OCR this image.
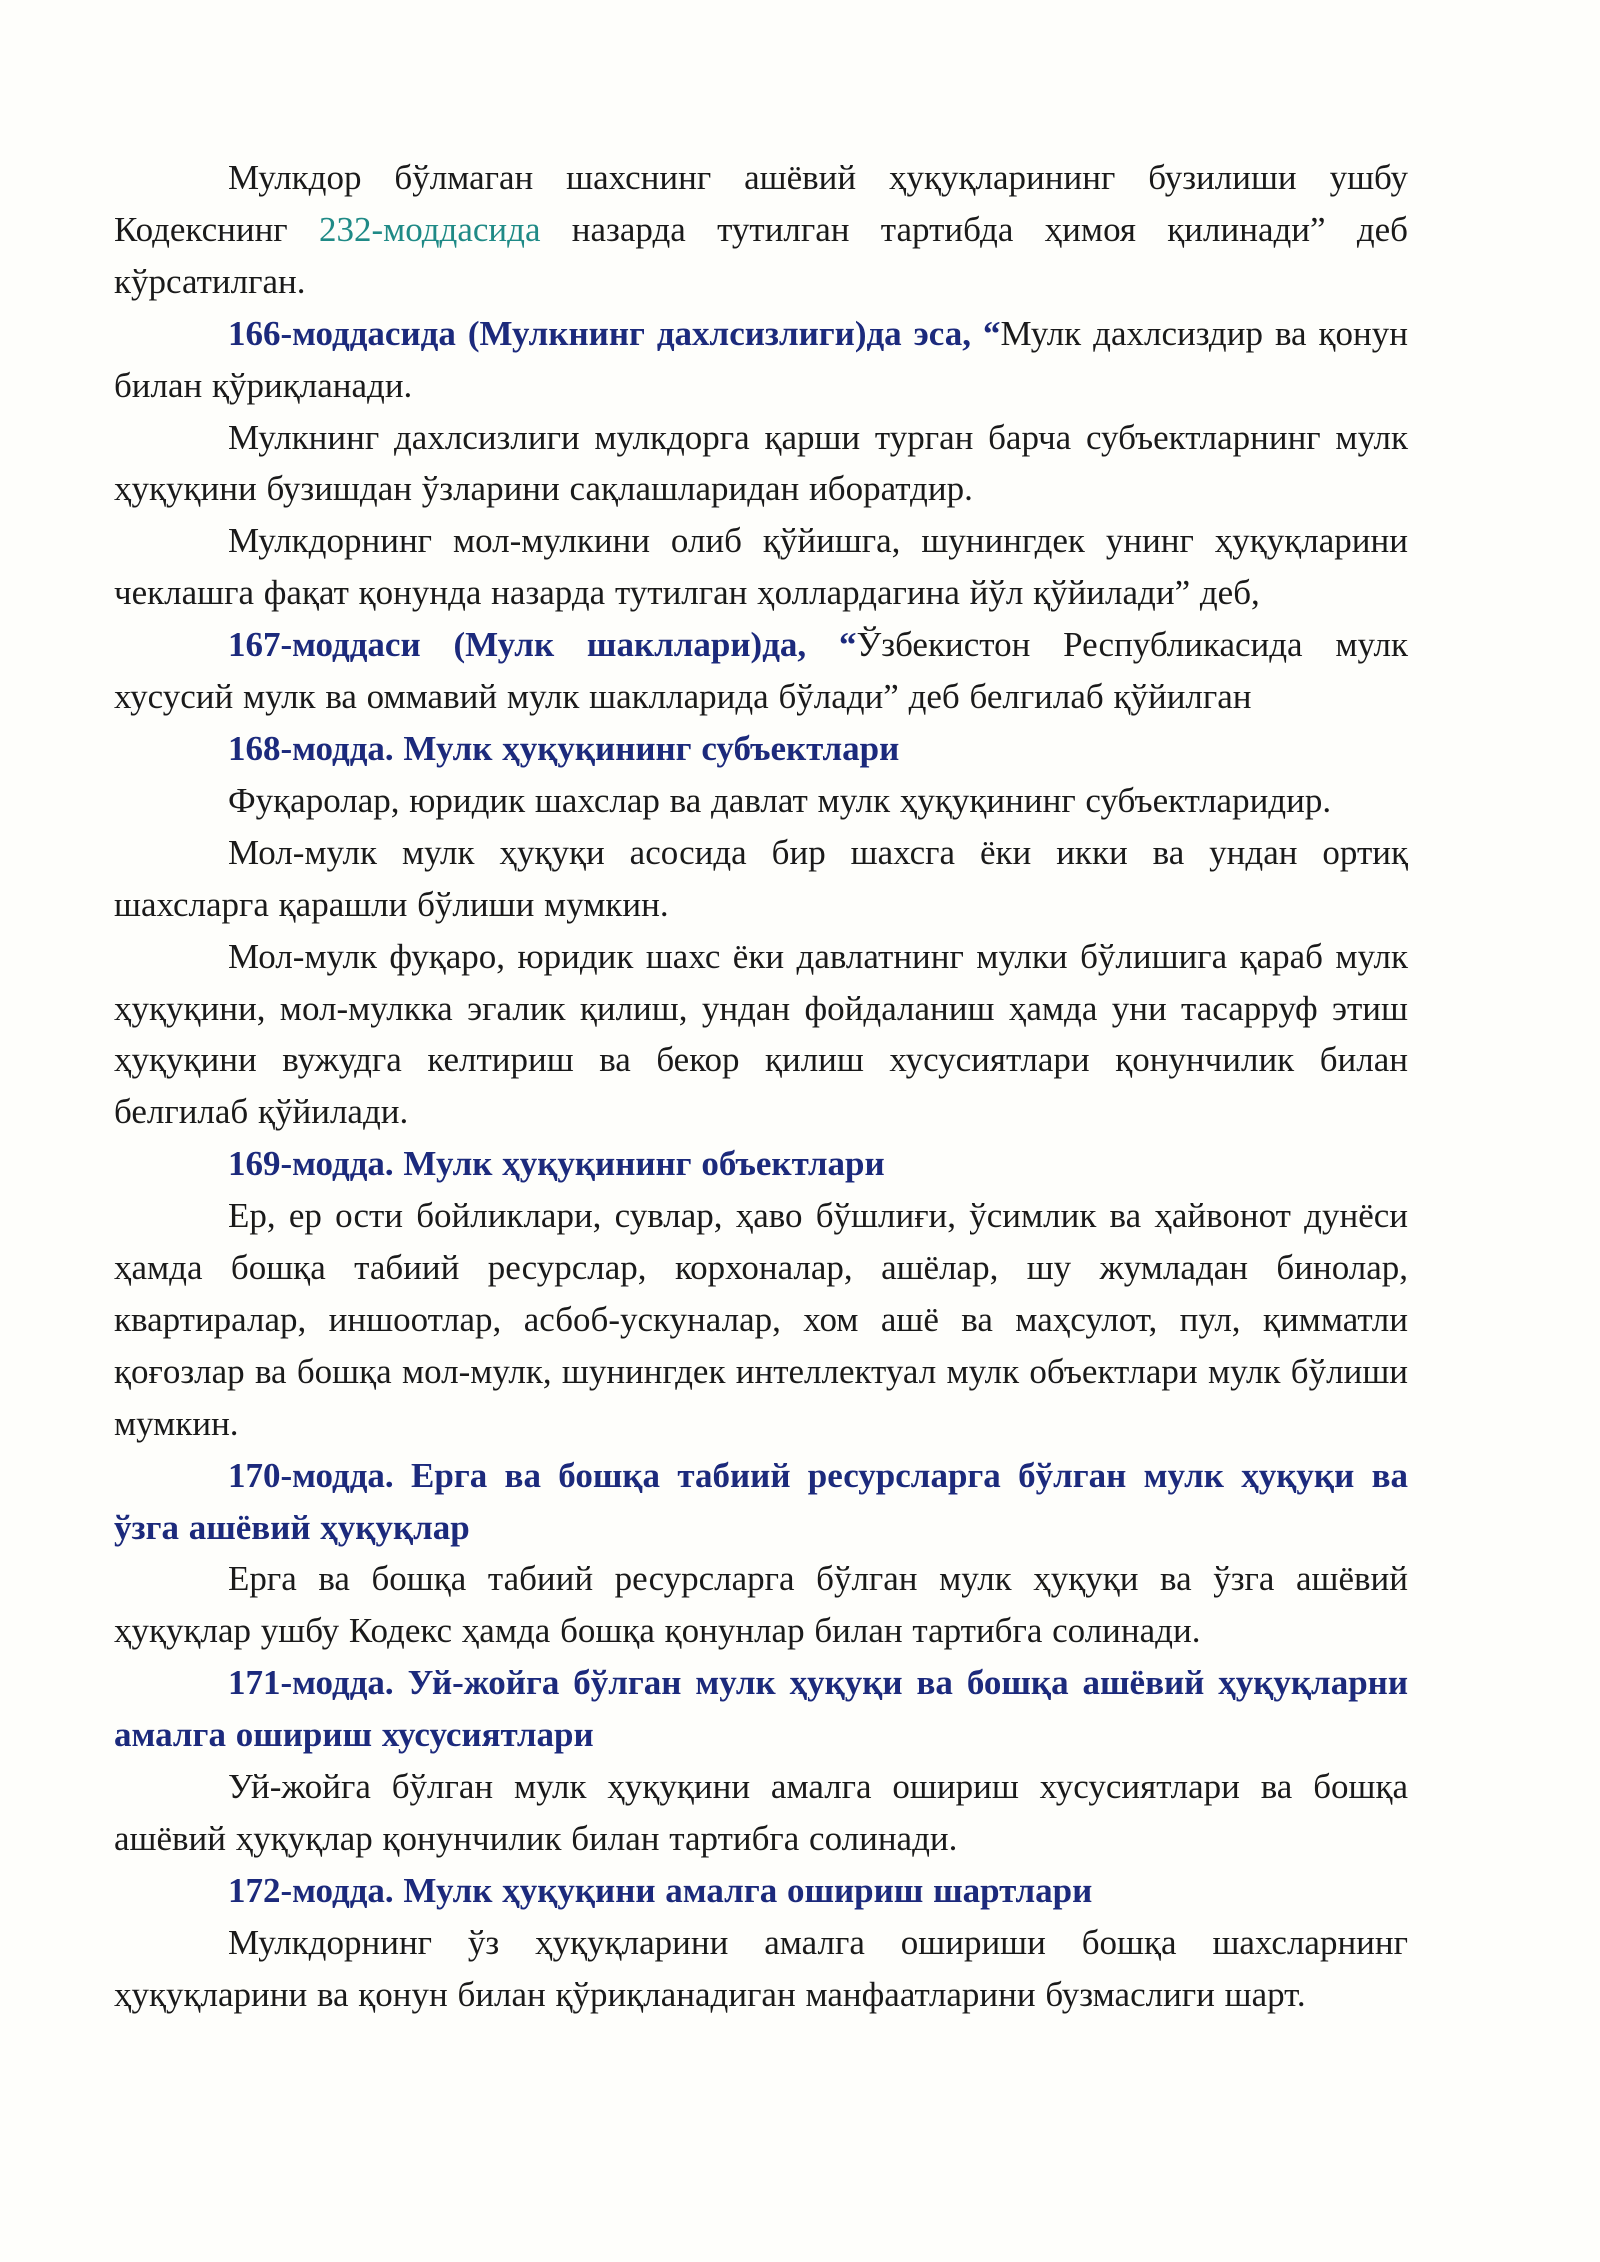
Мулкдор бўлмаган шахснинг ашёвий ҳуқуқларининг бузилиши ушбу Кодекснинг 232-моддасида назарда тутилган тартибда ҳимоя қилинади” деб кўрсатилган.

166-моддасида (Мулкнинг дахлсизлиги)да эса, “Мулк дахлсиздир ва қонун билан қўриқланади.

Мулкнинг дахлсизлиги мулкдорга қарши турган барча субъектларнинг мулк ҳуқуқини бузишдан ўзларини сақлашларидан иборатдир.

Мулкдорнинг мол-мулкини олиб қўйишга, шунингдек унинг ҳуқуқларини чеклашга фақат қонунда назарда тутилган ҳоллардагина йўл қўйилади” деб,

167-моддаси (Мулк шакллари)да, “Ўзбекистон Республикасида мулк хусусий мулк ва оммавий мулк шаклларида бўлади” деб белгилаб қўйилган

168-модда. Мулк ҳуқуқининг субъектлари

Фуқаролар, юридик шахслар ва давлат мулк ҳуқуқининг субъектларидир.

Мол-мулк мулк ҳуқуқи асосида бир шахсга ёки икки ва ундан ортиқ шахсларга қарашли бўлиши мумкин.

Мол-мулк фуқаро, юридик шахс ёки давлатнинг мулки бўлишига қараб мулк ҳуқуқини, мол-мулкка эгалик қилиш, ундан фойдаланиш ҳамда уни тасарруф этиш ҳуқуқини вужудга келтириш ва бекор қилиш хусусиятлари қонунчилик билан белгилаб қўйилади.

169-модда. Мулк ҳуқуқининг объектлари

Ер, ер ости бойликлари, сувлар, ҳаво бўшлиғи, ўсимлик ва ҳайвонот дунёси ҳамда бошқа табиий ресурслар, корхоналар, ашёлар, шу жумладан бинолар, квартиралар, иншоотлар, асбоб-ускуналар, хом ашё ва маҳсулот, пул, қимматли қоғозлар ва бошқа мол-мулк, шунингдек интеллектуал мулк объектлари мулк бўлиши мумкин.

170-модда. Ерга ва бошқа табиий ресурсларга бўлган мулк ҳуқуқи ва ўзга ашёвий ҳуқуқлар

Ерга ва бошқа табиий ресурсларга бўлган мулк ҳуқуқи ва ўзга ашёвий ҳуқуқлар ушбу Кодекс ҳамда бошқа қонунлар билан тартибга солинади.

171-модда. Уй-жойга бўлган мулк ҳуқуқи ва бошқа ашёвий ҳуқуқларни амалга ошириш хусусиятлари

Уй-жойга бўлган мулк ҳуқуқини амалга ошириш хусусиятлари ва бошқа ашёвий ҳуқуқлар қонунчилик билан тартибга солинади.

172-модда. Мулк ҳуқуқини амалга ошириш шартлари

Мулкдорнинг ўз ҳуқуқларини амалга ошириши бошқа шахсларнинг ҳуқуқларини ва қонун билан қўриқланадиган манфаатларини бузмаслиги шарт.
